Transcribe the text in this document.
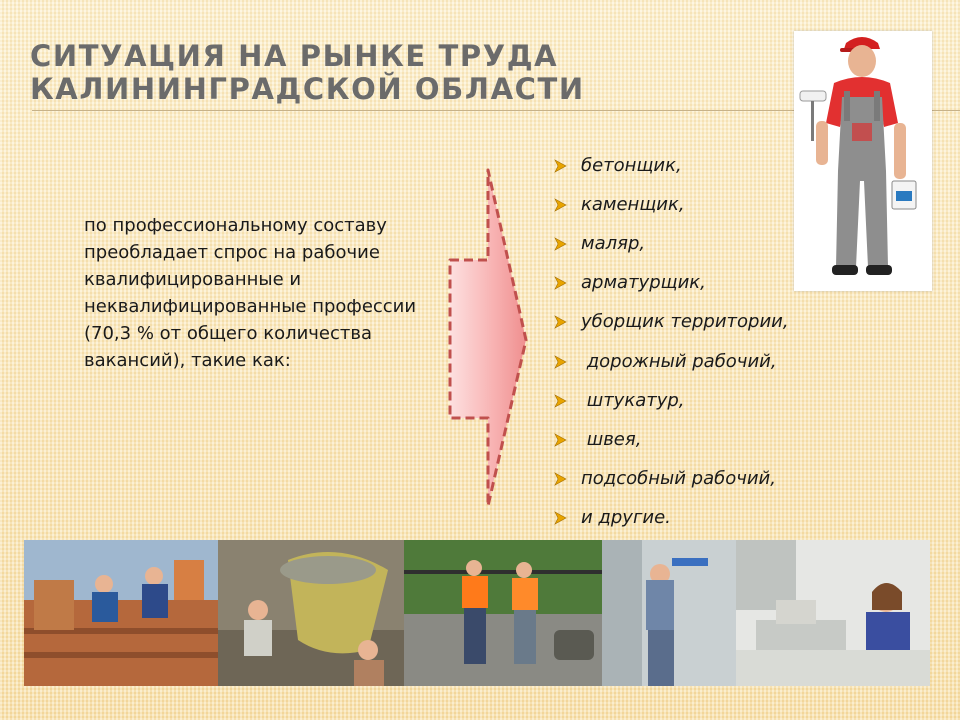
СИТУАЦИЯ НА РЫНКЕ ТРУДА
КАЛИНИНГРАДСКОЙ ОБЛАСТИ

по профессиональному составу преобладает спрос на рабочие квалифицированные и неквалифицированные профессии (70,3 % от общего количества вакансий), такие как:

бетонщик,
каменщик,
маляр,
арматурщик,
уборщик территории,
дорожный рабочий,
штукатур,
швея,
подсобный рабочий,
и другие.
